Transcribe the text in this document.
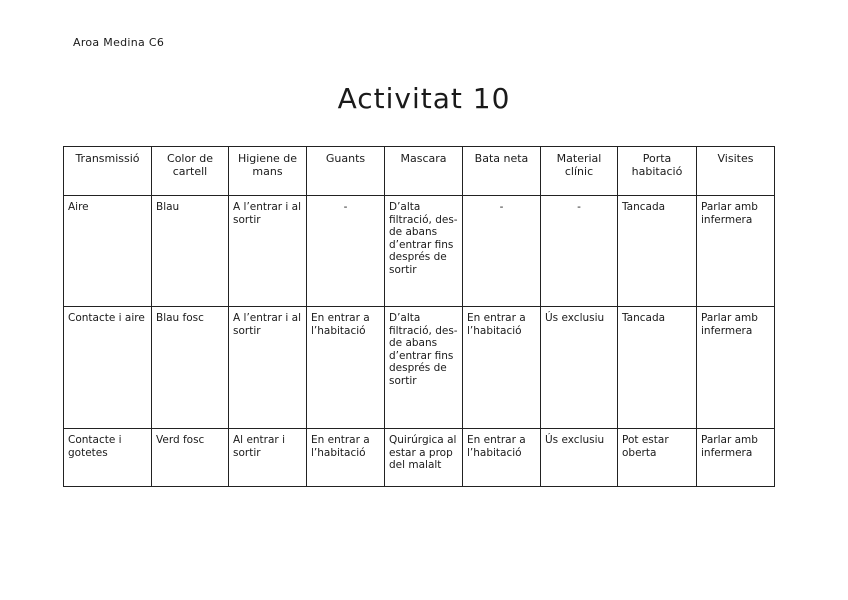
Aroa Medina C6
Activitat 10
Transmissió	Color de cartell	Higiene de mans	Guants	Mascara	Bata neta	Material clínic	Porta habitació	Visites
Aire	Blau	A l’entrar i al sortir	-	D’alta filtració, des-de abans d’entrar fins després de sortir	-	-	Tancada	Parlar amb infermera
Contacte i aire	Blau fosc	A l’entrar i al sortir	En entrar a l’habitació	D’alta filtració, des-de abans d’entrar fins després de sortir	En entrar a l’habitació	Ús exclusiu	Tancada	Parlar amb infermera
Contacte i gotetes	Verd fosc	Al entrar i sortir	En entrar a l’habitació	Quirúrgica al estar a prop del malalt	En entrar a l’habitació	Ús exclusiu	Pot estar oberta	Parlar amb infermera
